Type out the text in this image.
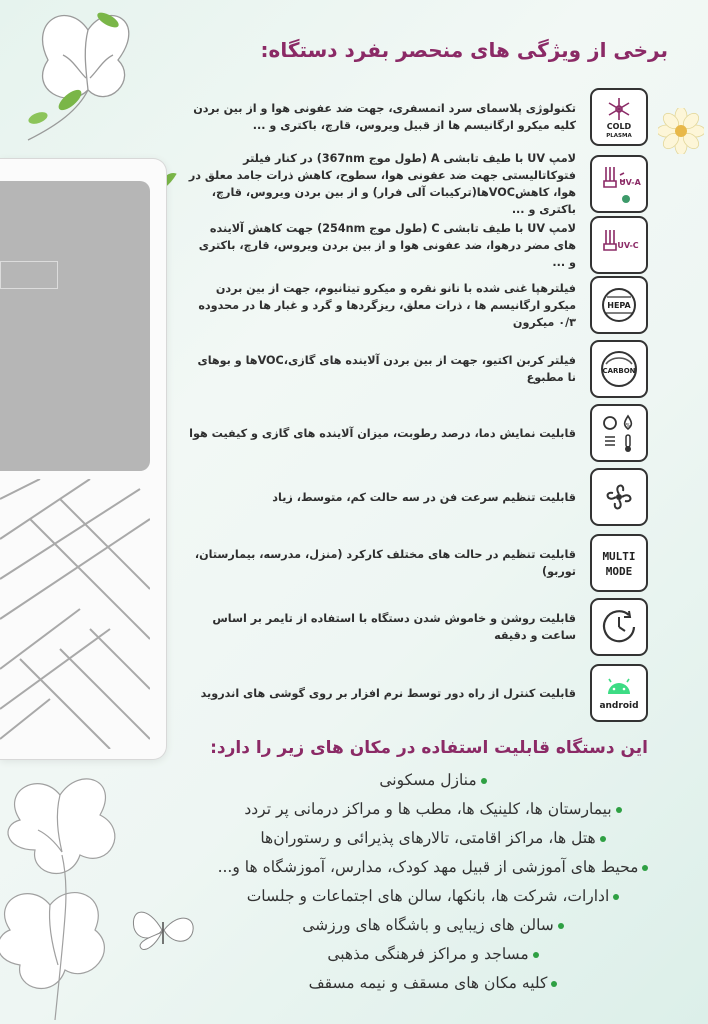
برخی از ویژگی های منحصر بفرد دستگاه:
COLD
PLASMA
تکنولوژی پلاسمای سرد اتمسفری، جهت ضد عفونی هوا و از بین بردن کلیه میکرو ارگانیسم ها از قبیل ویروس، قارچ، باکتری و ...
UV-A
لامپ UV با طیف تابشی A (طول موج 367nm) در کنار فیلتر فتوکاتالیستی جهت ضد عفونی هوا، سطوح، کاهش ذرات جامد معلق در هوا، کاهشVOCها(ترکیبات آلی فرار) و از بین بردن ویروس، قارچ، باکتری و ...
UV-C
لامپ UV با طیف تابشی C (طول موج 254nm) جهت کاهش آلاینده های مضر درهوا، ضد عفونی هوا و از بین بردن ویروس، قارچ، باکتری و ...
HEPA
فیلترهپا غنی شده با نانو نقره و میکرو تیتانیوم، جهت از بین بردن میکرو ارگانیسم ها ، ذرات معلق، ریزگردها و گرد و غبار ها در محدوده ۰/۳ میکرون
CARBON
فیلتر کربن اکتیو، جهت از بین بردن آلاینده های گازی،VOCها و بوهای نا مطبوع
%
قابلیت نمایش دما، درصد رطوبت، میزان آلاینده های گازی و کیفیت هوا
قابلیت تنظیم سرعت فن در سه حالت کم، متوسط، زیاد
MULTI
MODE
قابلیت تنظیم در حالت های مختلف کارکرد (منزل، مدرسه، بیمارستان، توربو)
قابلیت روشن و خاموش شدن دستگاه با استفاده از تایمر بر اساس ساعت و دقیقه
android
قابلیت کنترل از راه دور توسط نرم افزار بر روی گوشی های اندروید
این دستگاه قابلیت استفاده در مکان های زیر را دارد:
منازل مسکونی
بیمارستان ها، کلینیک ها، مطب ها و مراکز درمانی پر تردد
هتل ها، مراکز اقامتی، تالارهای پذیرائی و رستوران‌ها
محیط های آموزشی از قبیل مهد کودک، مدارس، آموزشگاه ها و...
ادارات، شرکت ها، بانکها، سالن های اجتماعات و جلسات
سالن های زیبایی و باشگاه های ورزشی
مساجد و مراکز فرهنگی مذهبی
کلیه مکان های مسقف و نیمه مسقف
